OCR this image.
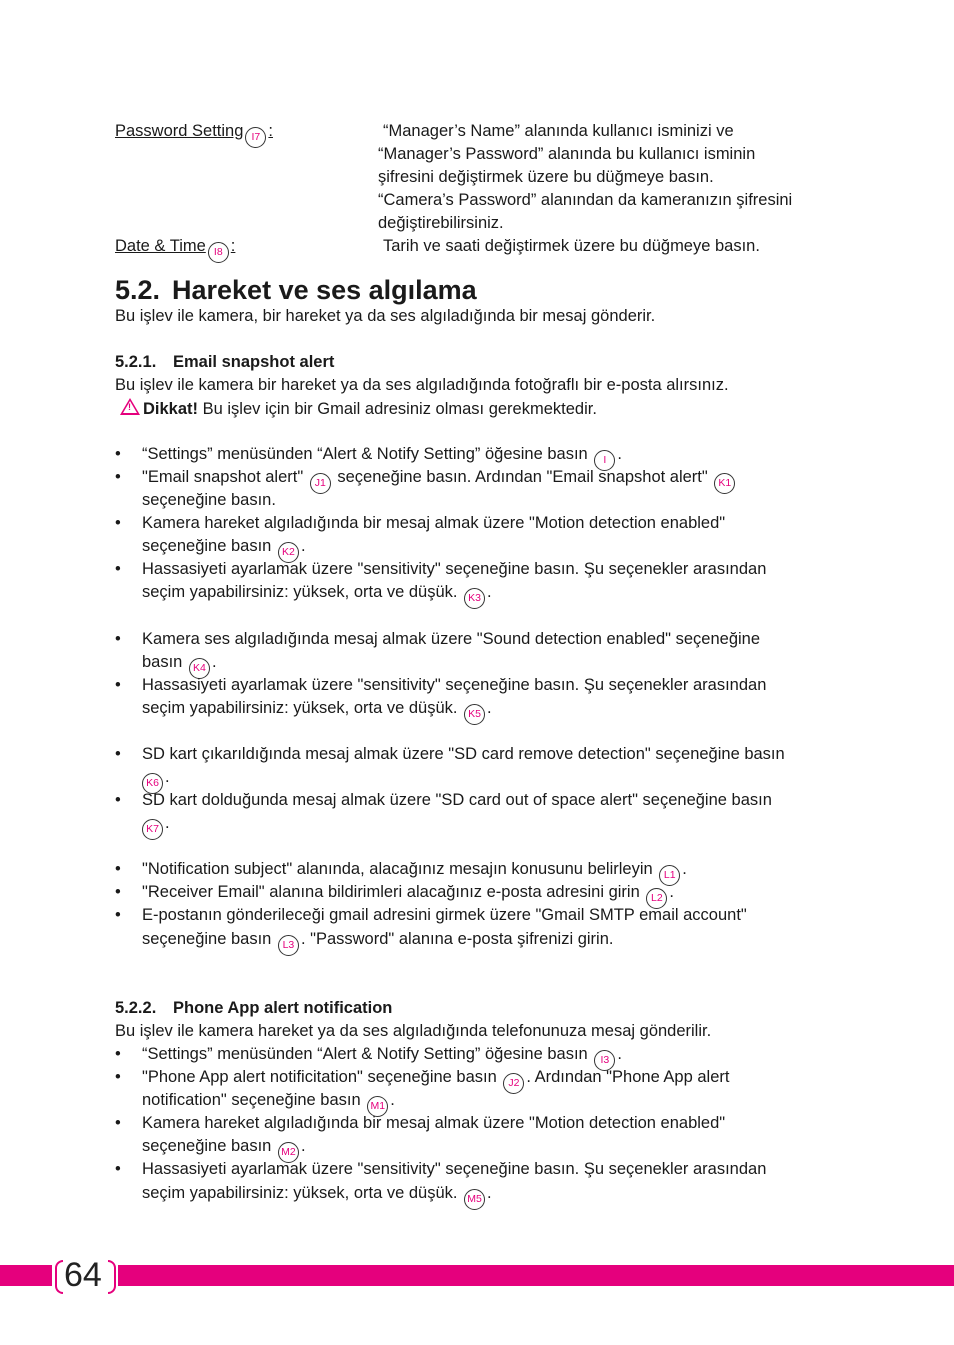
Password Setting I7 :	“Manager’s Name” alanında kullanıcı isminizi ve
“Manager’s Password” alanında bu kullanıcı isminin
şifresini değiştirmek üzere bu düğmeye basın.
“Camera’s Password” alanından da kameranızın şifresini
değiştirebilirsiniz.
Date & Time I8 :	Tarih ve saati değiştirmek üzere bu düğmeye basın.
5.2. Hareket ve ses algılama
Bu işlev ile kamera, bir hareket ya da ses algıladığında bir mesaj gönderir.
5.2.1. Email snapshot alert
Bu işlev ile kamera bir hareket ya da ses algıladığında fotoğraflı bir e-posta alırsınız.
! Dikkat! Bu işlev için bir Gmail adresiniz olması gerekmektedir.
• “Settings” menüsünden “Alert & Notify Setting” öğesine basın I .
• "Email snapshot alert" J1 seçeneğine basın. Ardından "Email snapshot alert" K1
seçeneğine basın.
• Kamera hareket algıladığında bir mesaj almak üzere "Motion detection enabled"
seçeneğine basın K2 .
• Hassasiyeti ayarlamak üzere "sensitivity" seçeneğine basın. Şu seçenekler arasından
seçim yapabilirsiniz: yüksek, orta ve düşük. K3 .
• Kamera ses algıladığında mesaj almak üzere "Sound detection enabled" seçeneğine
basın K4 .
• Hassasiyeti ayarlamak üzere "sensitivity" seçeneğine basın. Şu seçenekler arasından
seçim yapabilirsiniz: yüksek, orta ve düşük. K5 .
• SD kart çıkarıldığında mesaj almak üzere "SD card remove detection" seçeneğine basın
K6 .
• SD kart dolduğunda mesaj almak üzere "SD card out of space alert" seçeneğine basın
K7 .
• "Notification subject" alanında, alacağınız mesajın konusunu belirleyin L1 .
• "Receiver Email" alanına bildirimleri alacağınız e-posta adresini girin L2 .
• E-postanın gönderileceği gmail adresini girmek üzere "Gmail SMTP email account"
seçeneğine basın L3 . "Password" alanına e-posta şifrenizi girin.
5.2.2. Phone App alert notification
Bu işlev ile kamera hareket ya da ses algıladığında telefonunuza mesaj gönderilir.
• “Settings” menüsünden “Alert & Notify Setting” öğesine basın I3 .
• "Phone App alert notificitation" seçeneğine basın J2 . Ardından "Phone App alert
notification" seçeneğine basın M1 .
• Kamera hareket algıladığında bir mesaj almak üzere "Motion detection enabled"
seçeneğine basın M2 .
• Hassasiyeti ayarlamak üzere "sensitivity" seçeneğine basın. Şu seçenekler arasından
seçim yapabilirsiniz: yüksek, orta ve düşük. M5 .
64
